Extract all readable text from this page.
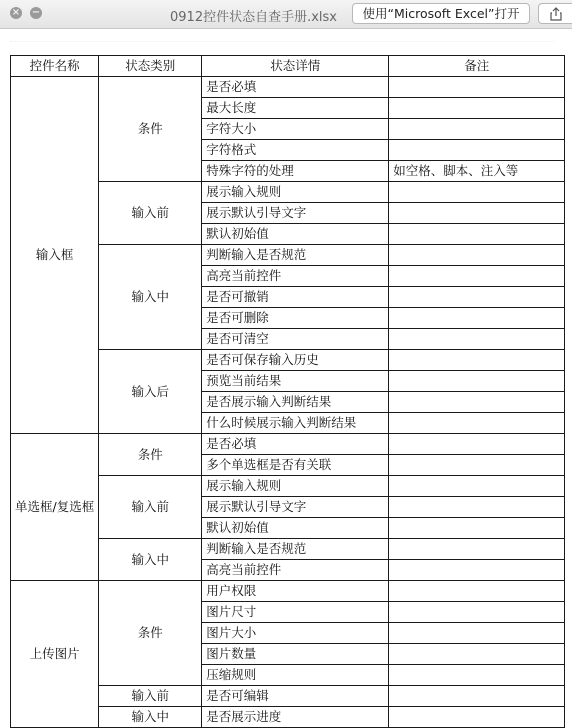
× −	0912控件状态自查手册.xlsx	使用“Microsoft Excel”打开
控件名称	状态类别	状态详情	备注
输入框	条件	是否必填	
		最大长度	
		字符大小	
		字符格式	
		特殊字符的处理	如空格、脚本、注入等
	输入前	展示输入规则	
		展示默认引导文字	
		默认初始值	
	输入中	判断输入是否规范	
		高亮当前控件	
		是否可撤销	
		是否可删除	
		是否可清空	
	输入后	是否可保存输入历史	
		预览当前结果	
		是否展示输入判断结果	
		什么时候展示输入判断结果	
单选框/复选框	条件	是否必填	
		多个单选框是否有关联	
	输入前	展示输入规则	
		展示默认引导文字	
		默认初始值	
	输入中	判断输入是否规范	
		高亮当前控件	
上传图片	条件	用户权限	
		图片尺寸	
		图片大小	
		图片数量	
		压缩规则	
	输入前	是否可编辑	
	输入中	是否展示进度	
